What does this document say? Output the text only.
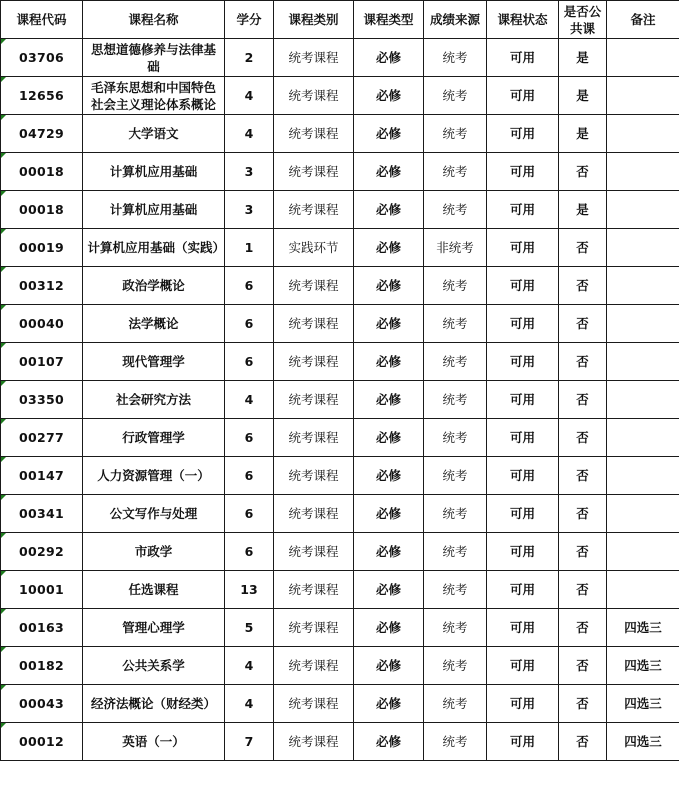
课程代码	课程名称	学分	课程类别	课程类型	成绩来源	课程状态	是否公共课	备注

03706	思想道德修养与法律基础	2	统考课程	必修	统考	可用	是	

12656	毛泽东思想和中国特色社会主义理论体系概论	4	统考课程	必修	统考	可用	是	

04729	大学语文	4	统考课程	必修	统考	可用	是	

00018	计算机应用基础	3	统考课程	必修	统考	可用	否	

00018	计算机应用基础	3	统考课程	必修	统考	可用	是	

00019	计算机应用基础（实践）	1	实践环节	必修	非统考	可用	否	

00312	政治学概论	6	统考课程	必修	统考	可用	否	

00040	法学概论	6	统考课程	必修	统考	可用	否	

00107	现代管理学	6	统考课程	必修	统考	可用	否	

03350	社会研究方法	4	统考课程	必修	统考	可用	否	

00277	行政管理学	6	统考课程	必修	统考	可用	否	

00147	人力资源管理（一）	6	统考课程	必修	统考	可用	否	

00341	公文写作与处理	6	统考课程	必修	统考	可用	否	

00292	市政学	6	统考课程	必修	统考	可用	否	

10001	任选课程	13	统考课程	必修	统考	可用	否	

00163	管理心理学	5	统考课程	必修	统考	可用	否	四选三

00182	公共关系学	4	统考课程	必修	统考	可用	否	四选三

00043	经济法概论（财经类）	4	统考课程	必修	统考	可用	否	四选三

00012	英语（一）	7	统考课程	必修	统考	可用	否	四选三
